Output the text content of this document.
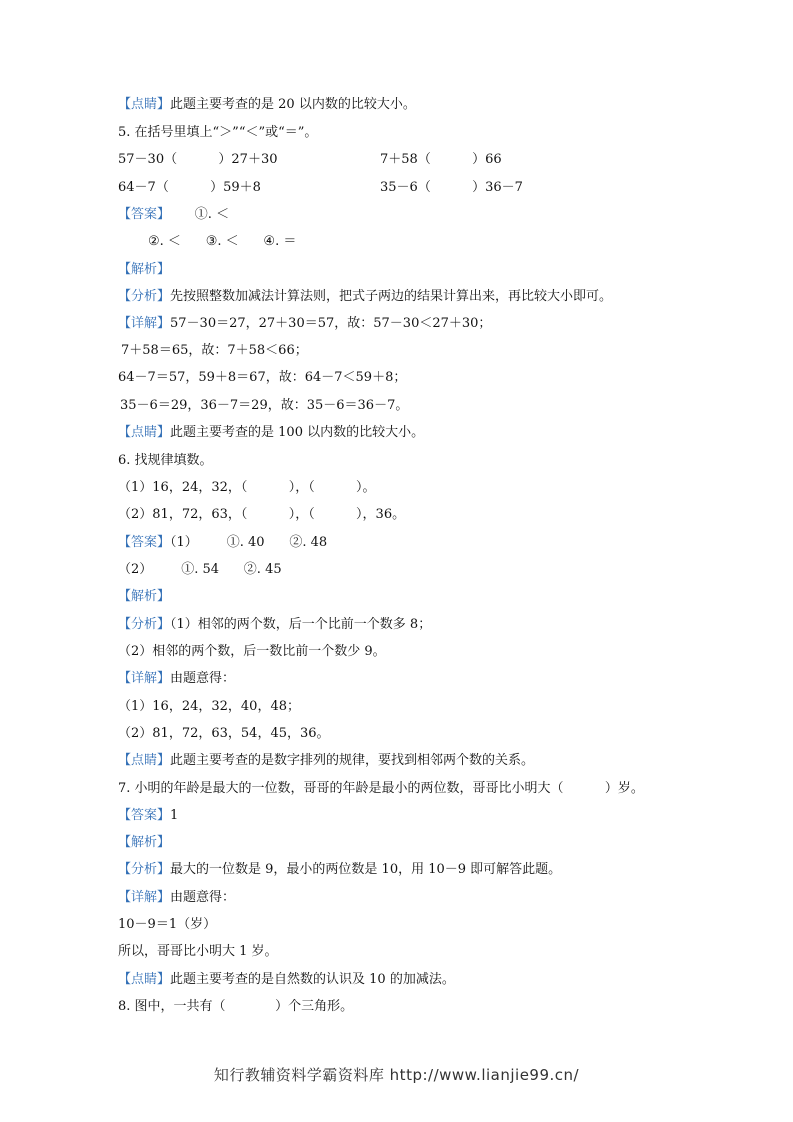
【点睛】此题主要考查的是 20 以内数的比较大小。
5. 在括号里填上“＞”“＜”或“＝”。
57－30（          ）27＋30
64－7（          ）59＋8
【答案】      ①. ＜
②. ＜      ③. ＜      ④. ＝
【解析】
【分析】先按照整数加减法计算法则，把式子两边的结果计算出来，再比较大小即可。
【详解】57－30＝27，27＋30＝57，故：57－30＜27＋30；
7＋58＝65，故：7＋58＜66；
64－7＝57，59＋8＝67，故：64－7＜59＋8；
35－6＝29，36－7＝29，故：35－6＝36－7。
【点睛】此题主要考查的是 100 以内数的比较大小。
6. 找规律填数。
（1）16，24，32，（          ），（          ）。
（2）81，72，63，（          ），（          ），36。
【答案】（1）       ①. 40      ②. 48
（2）       ①. 54      ②. 45
【解析】
【分析】（1）相邻的两个数，后一个比前一个数多 8；
（2）相邻的两个数，后一数比前一个数少 9。
【详解】由题意得：
（1）16，24，32，40，48；
（2）81，72，63，54，45，36。
【点睛】此题主要考查的是数字排列的规律，要找到相邻两个数的关系。
7. 小明的年龄是最大的一位数，哥哥的年龄是最小的两位数，哥哥比小明大（          ）岁。
【答案】1
【解析】
【分析】最大的一位数是 9，最小的两位数是 10，用 10－9 即可解答此题。
【详解】由题意得：
10－9＝1（岁）
所以，哥哥比小明大 1 岁。
【点睛】此题主要考查的是自然数的认识及 10 的加减法。
8. 图中，一共有（            ）个三角形。
7＋58（          ）66
35－6（          ）36－7
知行教辅资料学霸资料库 http://www.lianjie99.cn/
